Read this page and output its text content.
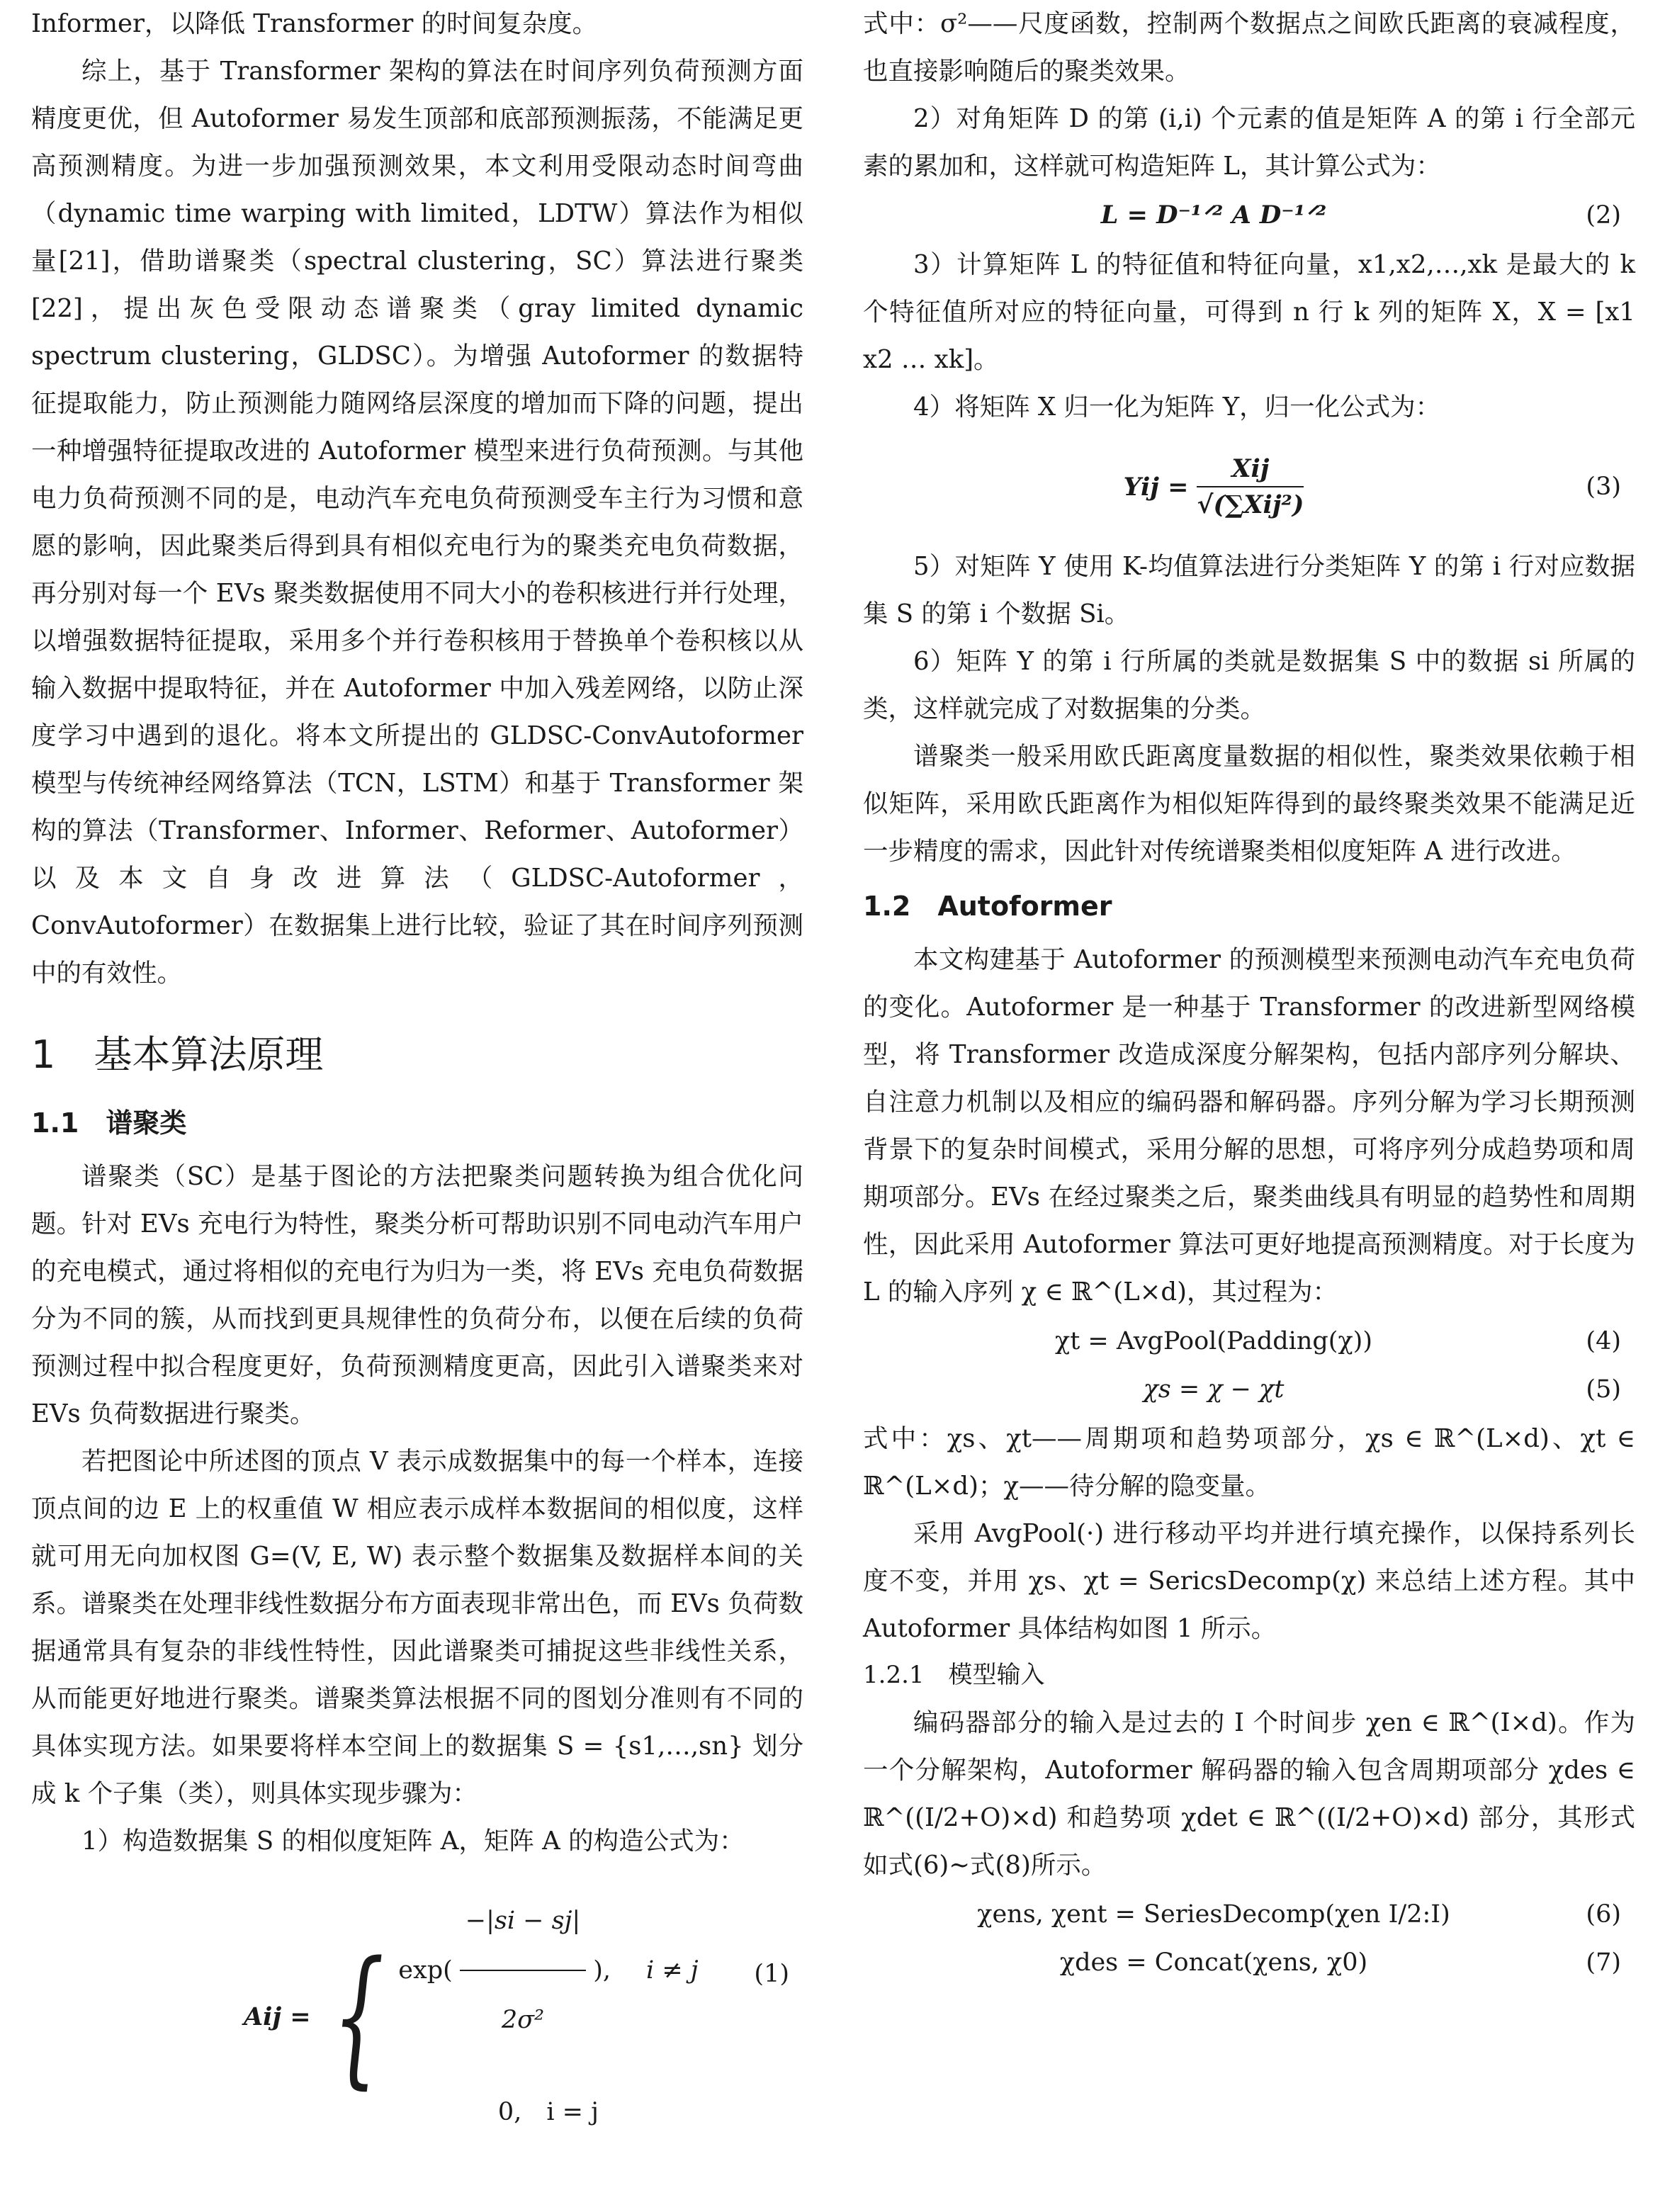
Informer，以降低 Transformer 的时间复杂度。

综上，基于 Transformer 架构的算法在时间序列负荷预测方面精度更优，但 Autoformer 易发生顶部和底部预测振荡，不能满足更高预测精度。为进一步加强预测效果，本文利用受限动态时间弯曲（dynamic time warping with limited，LDTW）算法作为相似量[21]，借助谱聚类（spectral clustering，SC）算法进行聚类[22]，提出灰色受限动态谱聚类（gray limited dynamic spectrum clustering，GLDSC）。为增强 Autoformer 的数据特征提取能力，防止预测能力随网络层深度的增加而下降的问题，提出一种增强特征提取改进的 Autoformer 模型来进行负荷预测。与其他电力负荷预测不同的是，电动汽车充电负荷预测受车主行为习惯和意愿的影响，因此聚类后得到具有相似充电行为的聚类充电负荷数据，再分别对每一个 EVs 聚类数据使用不同大小的卷积核进行并行处理，以增强数据特征提取，采用多个并行卷积核用于替换单个卷积核以从输入数据中提取特征，并在 Autoformer 中加入残差网络，以防止深度学习中遇到的退化。将本文所提出的 GLDSC-ConvAutoformer 模型与传统神经网络算法（TCN，LSTM）和基于 Transformer 架构的算法（Transformer、Informer、Reformer、Autoformer）以及本文自身改进算法（GLDSC-Autoformer，ConvAutoformer）在数据集上进行比较，验证了其在时间序列预测中的有效性。

1　基本算法原理
1.1　谱聚类

谱聚类（SC）是基于图论的方法把聚类问题转换为组合优化问题。针对 EVs 充电行为特性，聚类分析可帮助识别不同电动汽车用户的充电模式，通过将相似的充电行为归为一类，将 EVs 充电负荷数据分为不同的簇，从而找到更具规律性的负荷分布，以便在后续的负荷预测过程中拟合程度更好，负荷预测精度更高，因此引入谱聚类来对 EVs 负荷数据进行聚类。

若把图论中所述图的顶点 V 表示成数据集中的每一个样本，连接顶点间的边 E 上的权重值 W 相应表示成样本数据间的相似度，这样就可用无向加权图 G=(V, E, W) 表示整个数据集及数据样本间的关系。谱聚类在处理非线性数据分布方面表现非常出色，而 EVs 负荷数据通常具有复杂的非线性特性，因此谱聚类可捕捉这些非线性关系，从而能更好地进行聚类。谱聚类算法根据不同的图划分准则有不同的具体实现方法。如果要将样本空间上的数据集 S = {s1,…,sn} 划分成 k 个子集（类），则具体实现步骤为：

1）构造数据集 S 的相似度矩阵 A，矩阵 A 的构造公式为：

Aij = { $\exp( \frac{-|si - sj|}{\text{2σ²}}$ ), i ≠ j
0,　i = j
(1)

式中：σ²——尺度函数，控制两个数据点之间欧氏距离的衰减程度，也直接影响随后的聚类效果。

2）对角矩阵 D 的第 (i,i) 个元素的值是矩阵 A 的第 i 行全部元素的累加和，这样就可构造矩阵 L，其计算公式为：

L = D⁻¹ᐟ² A D⁻¹ᐟ²	(2)

3）计算矩阵 L 的特征值和特征向量，x1,x2,…,xk 是最大的 k 个特征值所对应的特征向量，可得到 n 行 k 列的矩阵 X，X = [x1 x2 … xk]。

4）将矩阵 X 归一化为矩阵 Y，归一化公式为：

Yij = $\frac{\text{Xij}}{\text{√(∑Xij²)}}$	(3)

5）对矩阵 Y 使用 K-均值算法进行分类矩阵 Y 的第 i 行对应数据集 S 的第 i 个数据 Si。

6）矩阵 Y 的第 i 行所属的类就是数据集 S 中的数据 si 所属的类，这样就完成了对数据集的分类。

谱聚类一般采用欧氏距离度量数据的相似性，聚类效果依赖于相似矩阵，采用欧氏距离作为相似矩阵得到的最终聚类效果不能满足近一步精度的需求，因此针对传统谱聚类相似度矩阵 A 进行改进。

1.2　Autoformer

本文构建基于 Autoformer 的预测模型来预测电动汽车充电负荷的变化。Autoformer 是一种基于 Transformer 的改进新型网络模型，将 Transformer 改造成深度分解架构，包括内部序列分解块、自注意力机制以及相应的编码器和解码器。序列分解为学习长期预测背景下的复杂时间模式，采用分解的思想，可将序列分成趋势项和周期项部分。EVs 在经过聚类之后，聚类曲线具有明显的趋势性和周期性，因此采用 Autoformer 算法可更好地提高预测精度。对于长度为 L 的输入序列 χ ∈ ℝ^(L×d)，其过程为：

χt = AvgPool(Padding(χ))	(4)
χs = χ − χt	(5)

式中：χs、χt——周期项和趋势项部分，χs ∈ ℝ^(L×d)、χt ∈ ℝ^(L×d)；χ——待分解的隐变量。

采用 AvgPool(·) 进行移动平均并进行填充操作，以保持系列长度不变，并用 χs、χt = SericsDecomp(χ) 来总结上述方程。其中 Autoformer 具体结构如图 1 所示。

1.2.1　模型输入

编码器部分的输入是过去的 I 个时间步 χen ∈ ℝ^(I×d)。作为一个分解架构，Autoformer 解码器的输入包含周期项部分 χdes ∈ ℝ^((I/2+O)×d) 和趋势项 χdet ∈ ℝ^((I/2+O)×d) 部分，其形式如式(6)~式(8)所示。

χens, χent = SeriesDecomp(χen I/2:I)	(6)
χdes = Concat(χens, χ0)	(7)
